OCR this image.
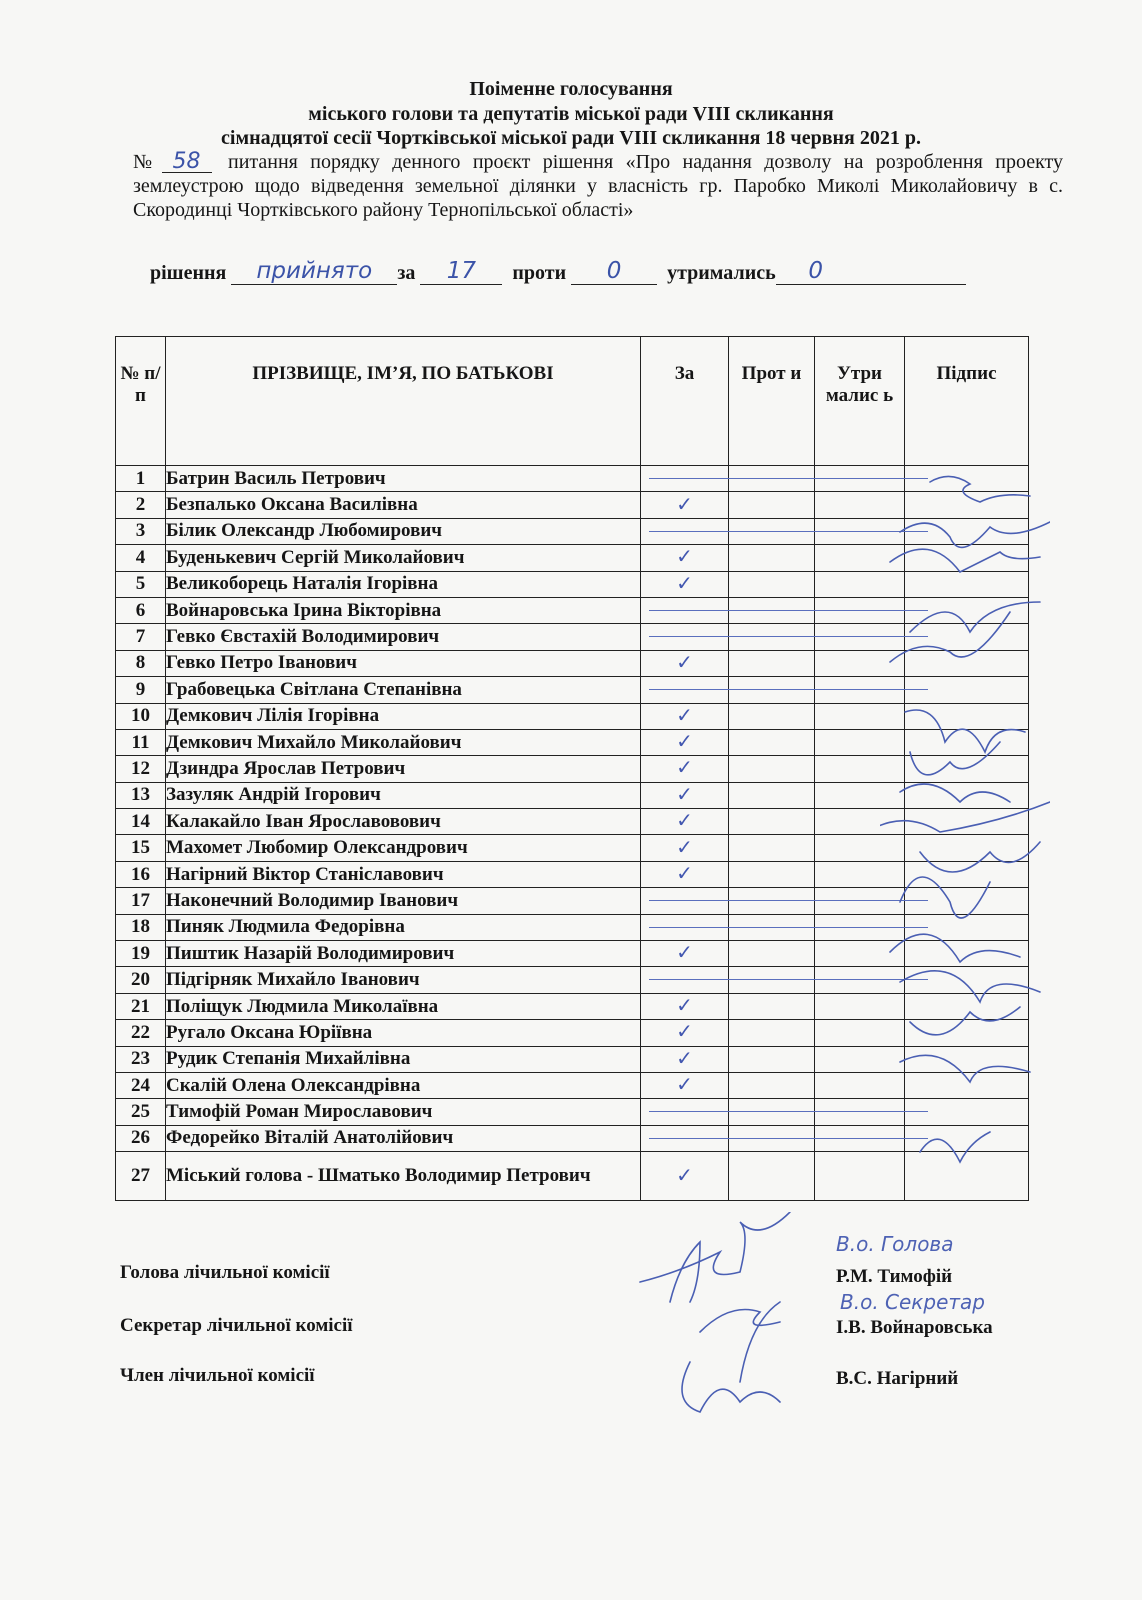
Поіменне голосування
міського голови та депутатів міської ради VIII скликання
сімнадцятої сесії Чортківської міської ради VIII скликання 18 червня 2021 р.
№ 58 питання порядку денного проєкт рішення «Про надання дозволу на розроблення проекту землеустрою щодо відведення земельної ділянки у власність гр. Паробко Миколі Миколайовичу в с. Скородинці Чортківського району Тернопільської області»
рішення прийнято за 17 проти 0 утримались 0
№ п/п	ПРІЗВИЩЕ, ІМ’Я, ПО БАТЬКОВІ	За	Прот и	Утри малис ь	Підпис
1	Батрин Василь Петрович	

2	Безпалько Оксана Василівна	✓			
3	Білик Олександр Любомирович	

4	Буденькевич Сергій Миколайович	✓			
5	Великоборець Наталія Ігорівна	✓			
6	Войнаровська Ірина Вікторівна	

7	Гевко Євстахій Володимирович	

8	Гевко Петро Іванович	✓			
9	Грабовецька Світлана Степанівна	

10	Демкович Лілія Ігорівна	✓			
11	Демкович Михайло Миколайович	✓			
12	Дзиндра Ярослав Петрович	✓			
13	Зазуляк Андрій Ігорович	✓			
14	Калакайло Іван Ярославовович	✓			
15	Махомет Любомир Олександрович	✓			
16	Нагірний Віктор Станіславович	✓			
17	Наконечний Володимир Іванович	

18	Пиняк Людмила Федорівна	

19	Пиштик Назарій Володимирович	✓			
20	Підгірняк Михайло Іванович	

21	Поліщук Людмила Миколаївна	✓			
22	Ругало Оксана Юріївна	✓			
23	Рудик Степанія Михайлівна	✓			
24	Скалій Олена Олександрівна	✓			
25	Тимофій Роман Мирославович	

26	Федорейко Віталій Анатолійович	

27	Міський голова - Шматько Володимир Петрович	✓			
Голова лічильної комісії	Р.М. Тимофій
Секретар лічильної комісії	І.В. Войнаровська
Член лічильної комісії	В.С. Нагірний
В.о. Голова
В.о. Секретар
